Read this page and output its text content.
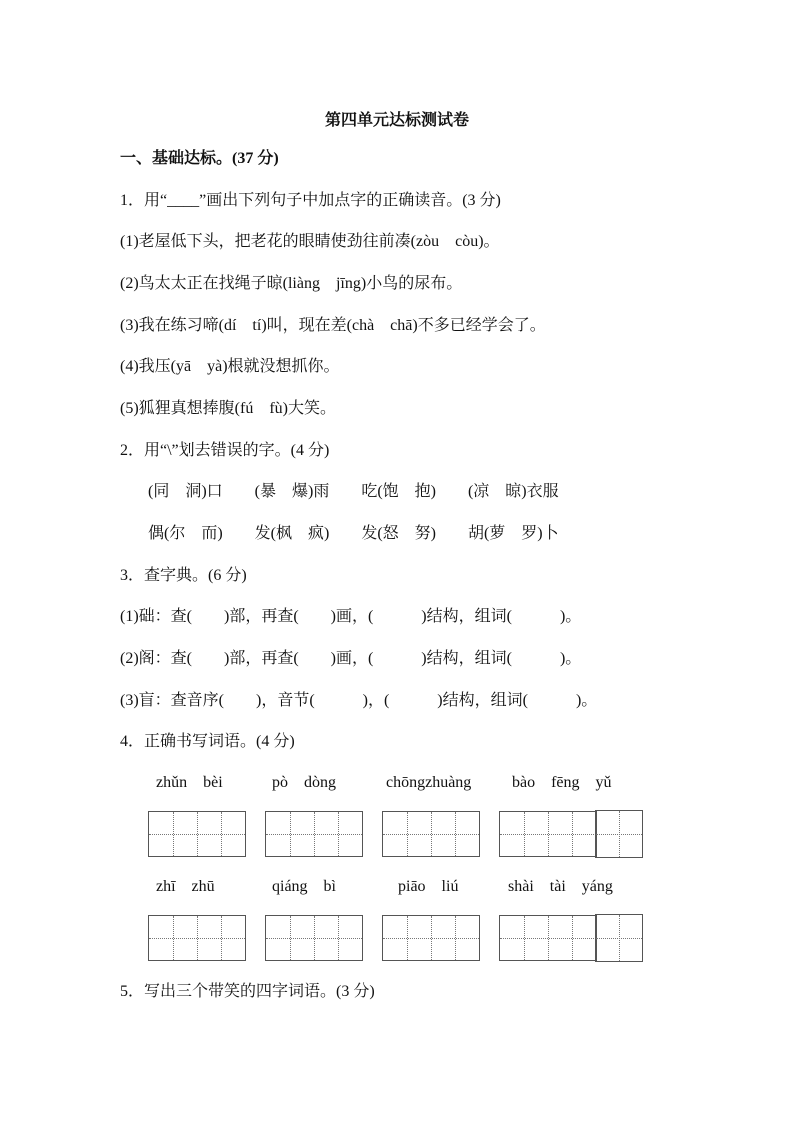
第四单元达标测试卷
一、基础达标。(37 分)
1．用“____”画出下列句子中加点字的正确读音。(3 分)
(1)老屋低下头，把老花的眼睛使劲往前凑(zòu　còu)。
(2)鸟太太正在找绳子晾(liàng　jīng)小鸟的尿布。
(3)我在练习啼(dí　tí)叫，现在差(chà　chā)不多已经学会了。
(4)我压(yā　yà)根就没想抓你。
(5)狐狸真想捧腹(fú　fù)大笑。
2．用“\”划去错误的字。(4 分)
(同　洞)口　　(暴　爆)雨　　吃(饱　抱)　　(凉　晾)衣服
偶(尔　而)　　发(枫　疯)　　发(怒　努)　　胡(萝　罗)卜
3．查字典。(6 分)
(1)础：查(　　)部，再查(　　)画，(　　　)结构，组词(　　　)。
(2)阁：查(　　)部，再查(　　)画，(　　　)结构，组词(　　　)。
(3)盲：查音序(　　)，音节(　　　)，(　　　)结构，组词(　　　)。
4．正确书写词语。(4 分)
zhǔn　bèi	pò　dòng	chōngzhuàng	bào　fēng　yǔ
zhī　zhū	qiáng　bì	piāo　liú	shài　tài　yáng
5．写出三个带笑的四字词语。(3 分)
